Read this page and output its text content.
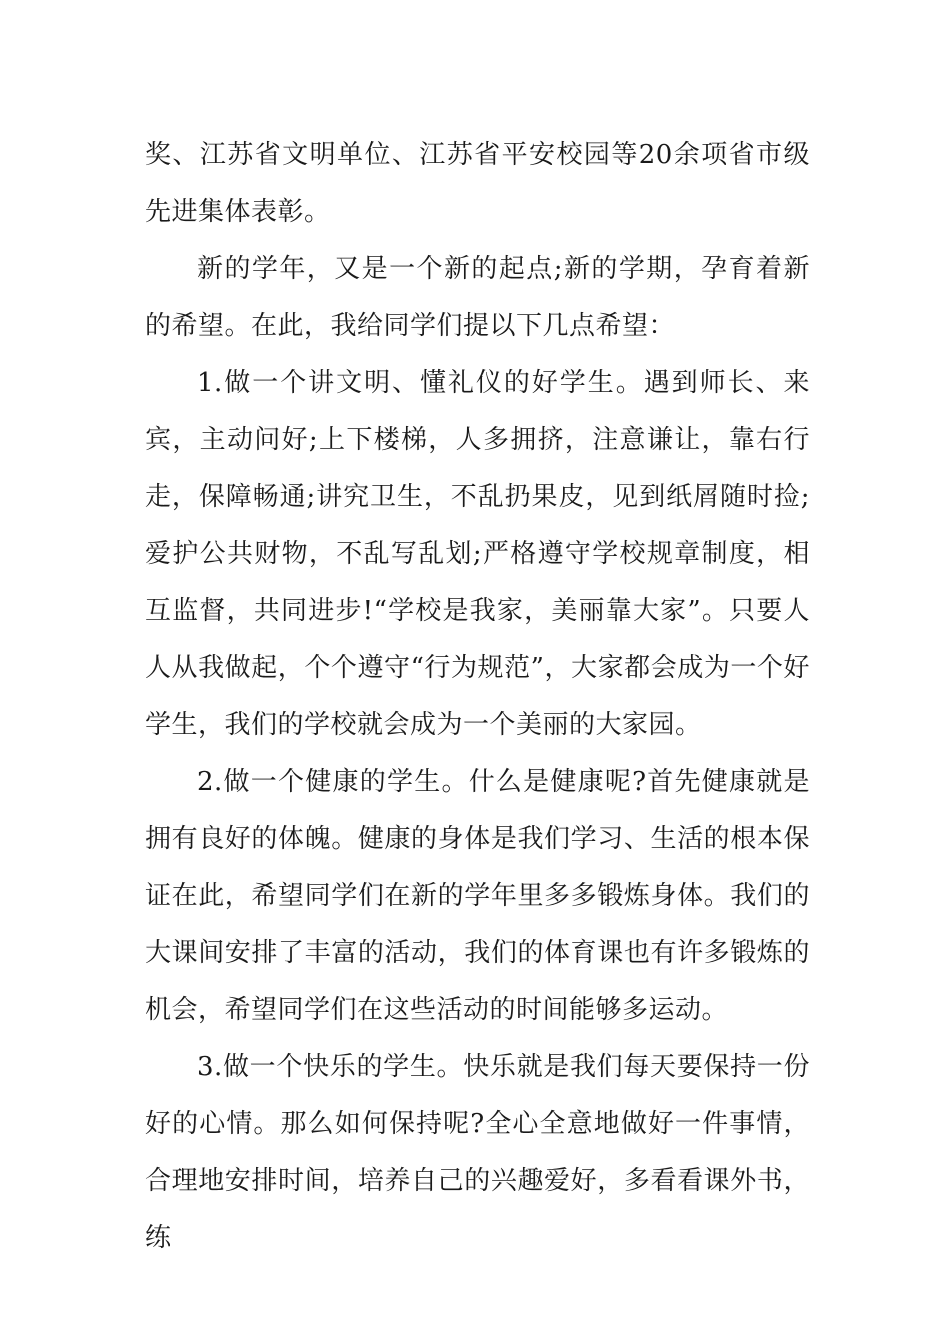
奖、江苏省文明单位、江苏省平安校园等20余项省市级先进集体表彰。

新的学年，又是一个新的起点;新的学期，孕育着新的希望。在此，我给同学们提以下几点希望：

1.做一个讲文明、懂礼仪的好学生。遇到师长、来宾，主动问好;上下楼梯，人多拥挤，注意谦让，靠右行走，保障畅通;讲究卫生，不乱扔果皮，见到纸屑随时捡;爱护公共财物，不乱写乱划;严格遵守学校规章制度，相互监督，共同进步!“学校是我家，美丽靠大家”。只要人人从我做起，个个遵守“行为规范”，大家都会成为一个好学生，我们的学校就会成为一个美丽的大家园。

2.做一个健康的学生。什么是健康呢?首先健康就是拥有良好的体魄。健康的身体是我们学习、生活的根本保证在此，希望同学们在新的学年里多多锻炼身体。我们的大课间安排了丰富的活动，我们的体育课也有许多锻炼的机会，希望同学们在这些活动的时间能够多运动。

3.做一个快乐的学生。快乐就是我们每天要保持一份好的心情。那么如何保持呢?全心全意地做好一件事情，合理地安排时间，培养自己的兴趣爱好，多看看课外书，练
